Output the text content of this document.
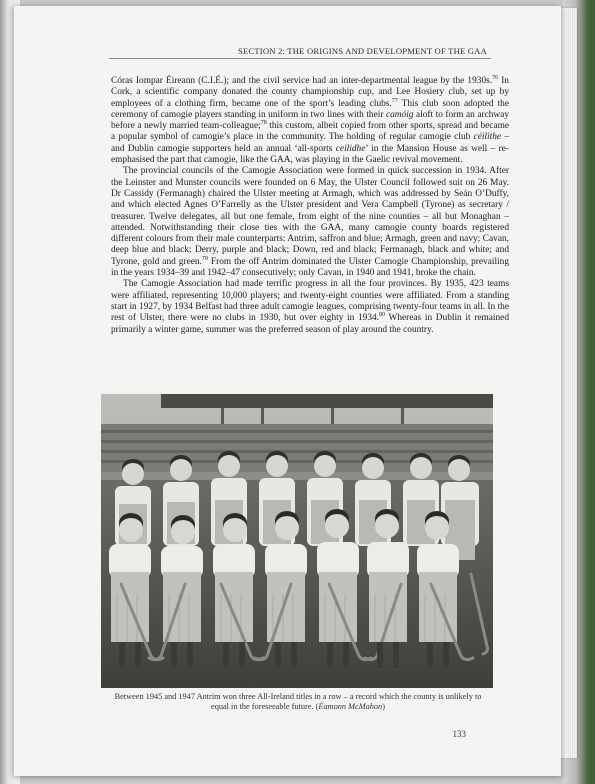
SECTION 2: THE ORIGINS AND DEVELOPMENT OF THE GAA

Córas Iompar Éireann (C.I.É.); and the civil service had an inter-departmental league by the 1930s.$^{76}$ In Cork, a scientific company donated the county championship cup, and Lee Hosiery club, set up by employees of a clothing firm, became one of the sport’s leading clubs.$^{77}$ This club soon adopted the ceremony of camogie players standing in uniform in two lines with their camóig aloft to form an archway before a newly married team-colleague;$^{78}$ this custom, albeit copied from other sports, spread and became a popular symbol of camogie’s place in the community. The holding of regular camogie club céilithe – and Dublin camogie supporters held an annual ‘all-sports ceilidhe’ in the Mansion House as well – re-emphasised the part that camogie, like the GAA, was playing in the Gaelic revival movement.

The provincial councils of the Camogie Association were formed in quick succession in 1934. After the Leinster and Munster councils were founded on 6 May, the Ulster Council followed suit on 26 May. Dr Cassidy (Fermanagh) chaired the Ulster meeting at Armagh, which was addressed by Seán O’Duffy, and which elected Agnes O’Farrelly as the Ulster president and Vera Campbell (Tyrone) as secretary / treasurer. Twelve delegates, all but one female, from eight of the nine counties – all but Monaghan – attended. Notwithstanding their close ties with the GAA, many camogie county boards registered different colours from their male counterparts: Antrim, saffron and blue; Armagh, green and navy; Cavan, deep blue and black; Derry, purple and black; Down, red and black; Fermanagh, black and white; and Tyrone, gold and green.$^{79}$ From the off Antrim dominated the Ulster Camogie Championship, prevailing in the years 1934–39 and 1942–47 consecutively; only Cavan, in 1940 and 1941, broke the chain.

The Camogie Association had made terrific progress in all the four provinces. By 1935, 423 teams were affiliated, representing 10,000 players; and twenty-eight counties were affiliated. From a standing start in 1927, by 1934 Belfast had three adult camogie leagues, comprising twenty-four teams in all. In the rest of Ulster, there were no clubs in 1930, but over eighty in 1934.80 Whereas in Dublin it remained primarily a winter game, summer was the preferred season of play around the country.

Between 1945 and 1947 Antrim won three All-Ireland titles in a row – a record which the county is unlikely to equal in the foreseeable future. (Éamonn McMahon)
133
